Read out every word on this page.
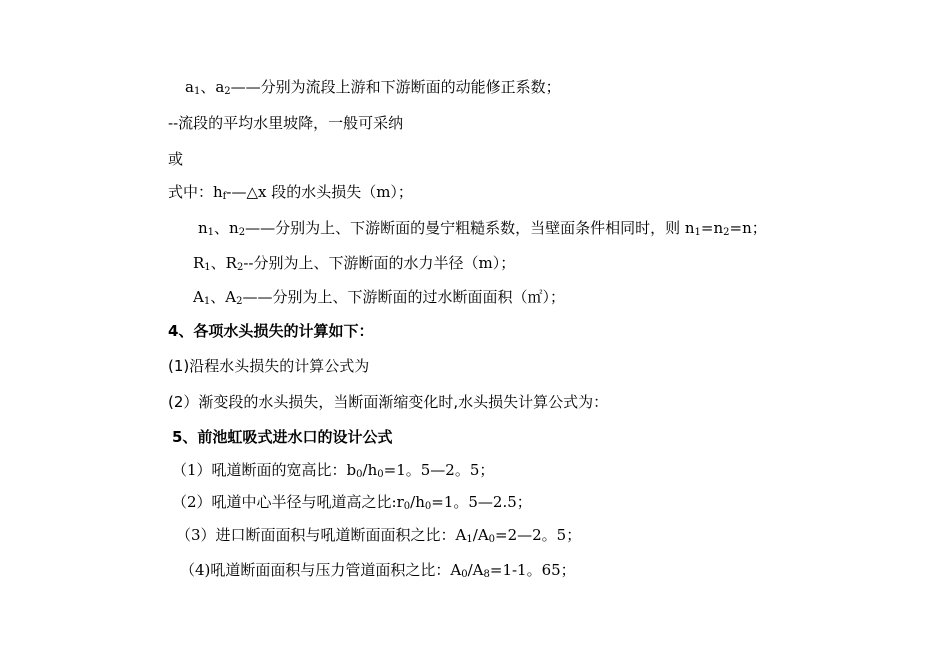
$a_1$、$a_2——$分别为流段上游和下游断面的动能修正系数；
--流段的平均水里坡降，一般可采纳
或
式中：$h_f-—\triangle x$ 段的水头损失（m）；
$n_1$、$n_2——$分别为上、下游断面的曼宁粗糙系数，当壁面条件相同时，则 $n_1=n_2=n$；
$R_1$、$R_2--$分别为上、下游断面的水力半径（m）；
$A_1$、$A_2——$分别为上、下游断面的过水断面面积（㎡）；
4、各项水头损失的计算如下：
(1)沿程水头损失的计算公式为
(2）渐变段的水头损失，当断面渐缩变化时,水头损失计算公式为：
5、前池虹吸式进水口的设计公式
（1）吼道断面的宽高比：$b_0/h_0=1$。5—2。5；
（2）吼道中心半径与吼道高之比$:r_0/h_0=1$。5—2.5；
（3）进口断面面积与吼道断面面积之比：$A_1/A_0=2—2$。5；
（4)吼道断面面积与压力管道面积之比：$A_0/A_8=1-1$。65；
